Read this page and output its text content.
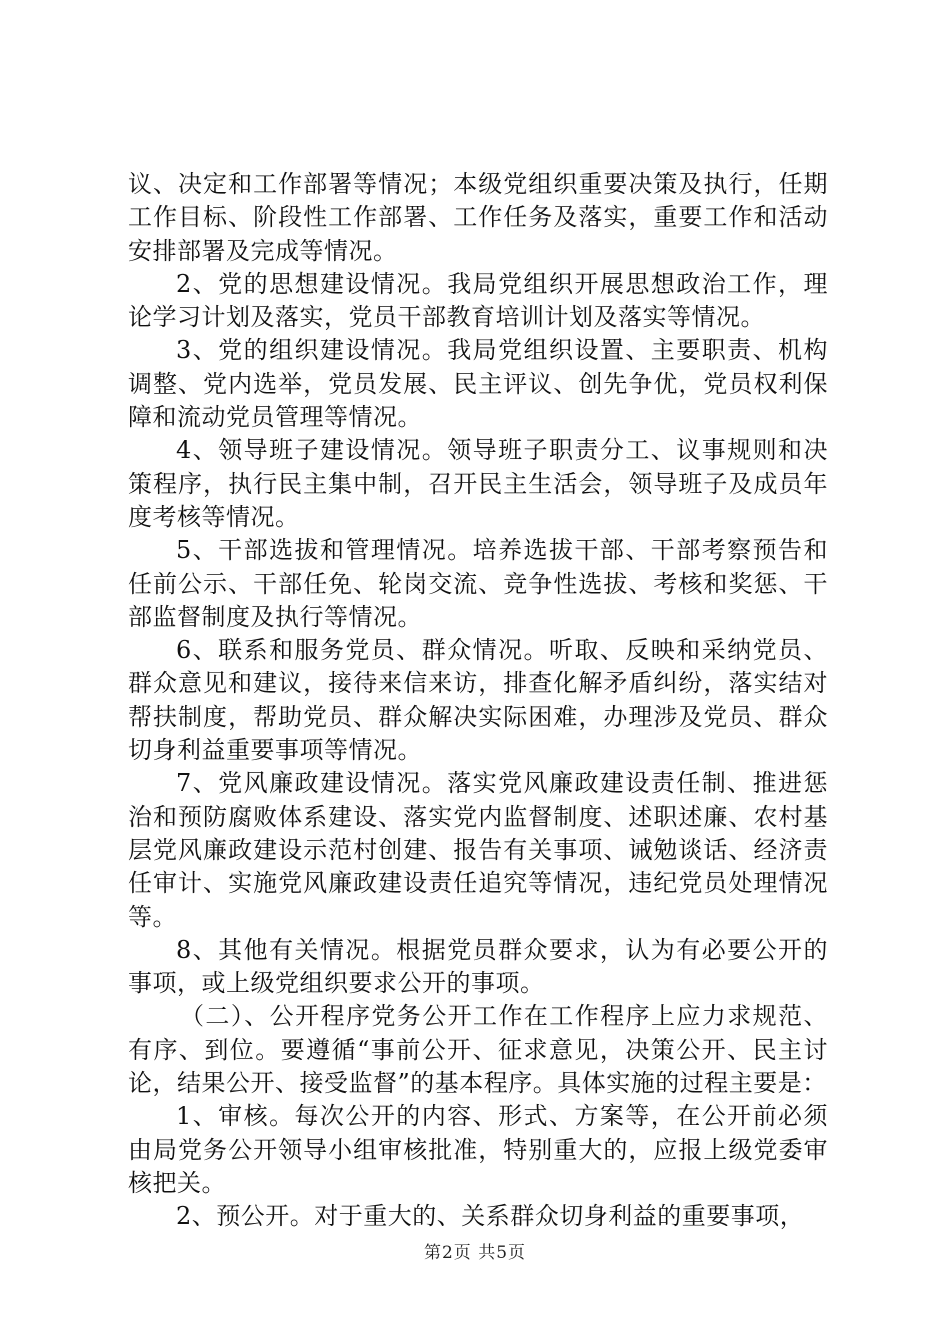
议、决定和工作部署等情况；本级党组织重要决策及执行，任期工作目标、阶段性工作部署、工作任务及落实，重要工作和活动安排部署及完成等情况。

2、党的思想建设情况。我局党组织开展思想政治工作，理论学习计划及落实，党员干部教育培训计划及落实等情况。

3、党的组织建设情况。我局党组织设置、主要职责、机构调整、党内选举，党员发展、民主评议、创先争优，党员权利保障和流动党员管理等情况。

4、领导班子建设情况。领导班子职责分工、议事规则和决策程序，执行民主集中制，召开民主生活会，领导班子及成员年度考核等情况。

5、干部选拔和管理情况。培养选拔干部、干部考察预告和任前公示、干部任免、轮岗交流、竞争性选拔、考核和奖惩、干部监督制度及执行等情况。

6、联系和服务党员、群众情况。听取、反映和采纳党员、群众意见和建议，接待来信来访，排查化解矛盾纠纷，落实结对帮扶制度，帮助党员、群众解决实际困难，办理涉及党员、群众切身利益重要事项等情况。

7、党风廉政建设情况。落实党风廉政建设责任制、推进惩治和预防腐败体系建设、落实党内监督制度、述职述廉、农村基层党风廉政建设示范村创建、报告有关事项、诫勉谈话、经济责任审计、实施党风廉政建设责任追究等情况，违纪党员处理情况等。

8、其他有关情况。根据党员群众要求，认为有必要公开的事项，或上级党组织要求公开的事项。

（二）、公开程序党务公开工作在工作程序上应力求规范、有序、到位。要遵循“事前公开、征求意见，决策公开、民主讨论，结果公开、接受监督”的基本程序。具体实施的过程主要是：

1、审核。每次公开的内容、形式、方案等，在公开前必须由局党务公开领导小组审核批准，特别重大的，应报上级党委审核把关。

2、预公开。对于重大的、关系群众切身利益的重要事项，

第2页 共5页
